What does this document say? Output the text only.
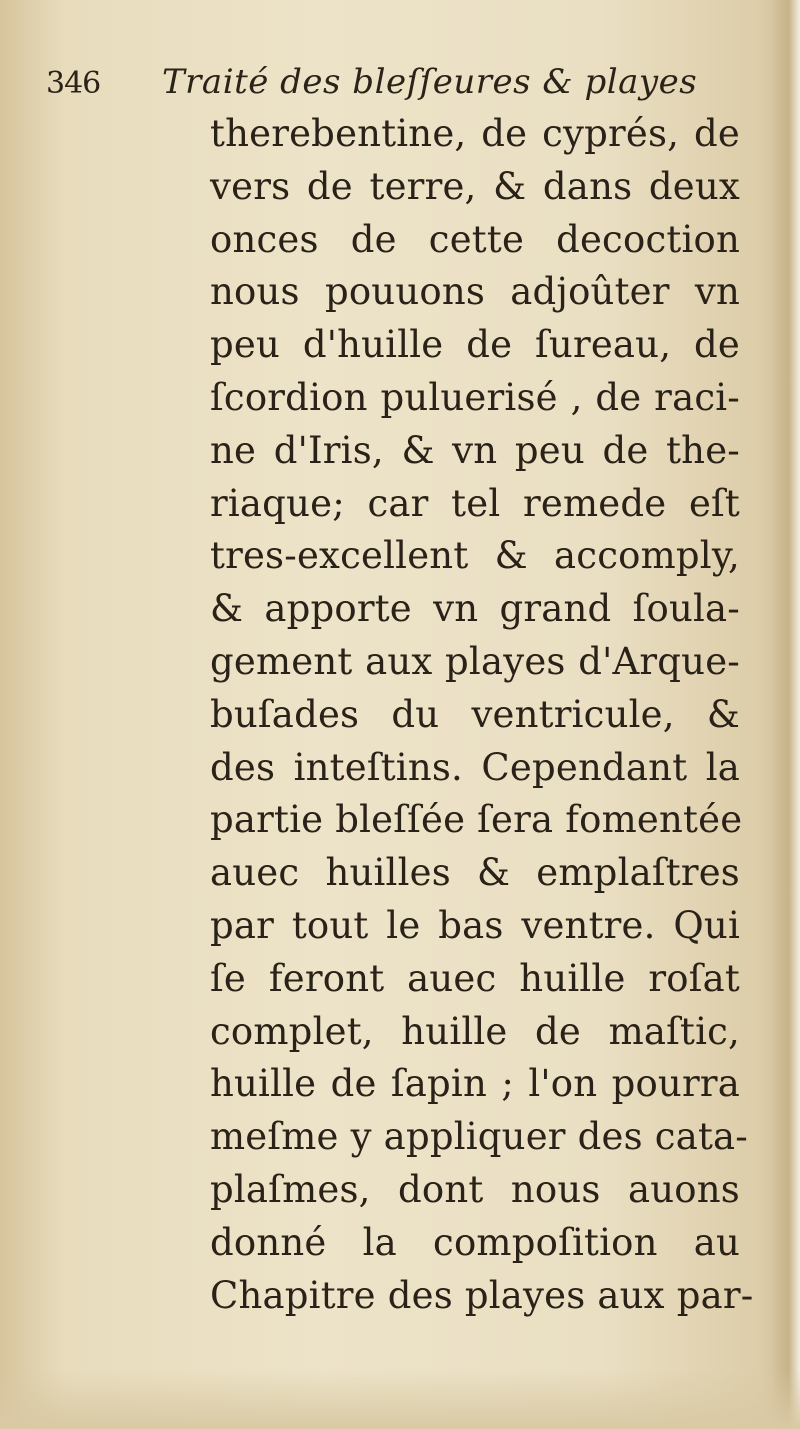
346 Traité des bleſſeures & playes
therebentine, de cyprés, de
vers de terre, & dans deux
onces de cette decoction
nous pouuons adjoûter vn
peu d'huille de ſureau, de
ſcordion puluerisé , de raci-
ne d'Iris, & vn peu de the-
riaque; car tel remede eſt
tres-excellent & accomply,
& apporte vn grand ſoula-
gement aux playes d'Arque-
buſades du ventricule, &
des inteſtins. Cependant la
partie bleſſée ſera fomentée
auec huilles & emplaſtres
par tout le bas ventre. Qui
ſe feront auec huille roſat
complet, huille de maſtic,
huille de ſapin ; l'on pourra
meſme y appliquer des cata-
plaſmes, dont nous auons
donné la compoſition au
Chapitre des playes aux par-
